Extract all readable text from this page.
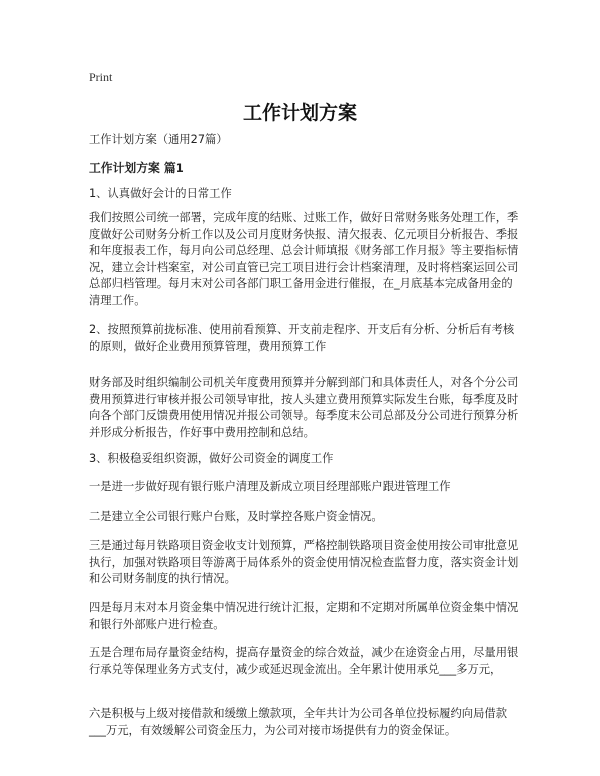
Print
工作计划方案

工作计划方案（通用27篇）

工作计划方案 篇1

1、认真做好会计的日常工作

我们按照公司统一部署，完成年度的结账、过账工作，做好日常财务账务处理工作，季度做好公司财务分析工作以及公司月度财务快报、清欠报表、亿元项目分析报告、季报和年度报表工作，每月向公司总经理、总会计师填报《财务部工作月报》等主要指标情况，建立会计档案室，对公司直管已完工项目进行会计档案清理，及时将档案运回公司总部归档管理。每月末对公司各部门职工备用金进行催报，在_月底基本完成备用金的清理工作。

2、按照预算前拢标准、使用前看预算、开支前走程序、开支后有分析、分析后有考核的原则，做好企业费用预算管理，费用预算工作

财务部及时组织编制公司机关年度费用预算并分解到部门和具体责任人，对各个分公司费用预算进行审核并报公司领导审批，按人头建立费用预算实际发生台账，每季度及时向各个部门反馈费用使用情况并报公司领导。每季度末公司总部及分公司进行预算分析并形成分析报告，作好事中费用控制和总结。

3、积极稳妥组织资源，做好公司资金的调度工作

一是进一步做好现有银行账户清理及新成立项目经理部账户跟进管理工作

二是建立全公司银行账户台账，及时掌控各账户资金情况。

三是通过每月铁路项目资金收支计划预算，严格控制铁路项目资金使用按公司审批意见执行，加强对铁路项目等游离于局体系外的资金使用情况检查监督力度，落实资金计划和公司财务制度的执行情况。

四是每月末对本月资金集中情况进行统计汇报，定期和不定期对所属单位资金集中情况和银行外部账户进行检查。

五是合理布局存量资金结构，提高存量资金的综合效益，减少在途资金占用，尽量用银行承兑等保理业务方式支付，减少或延迟现金流出。全年累计使用承兑___多万元，

六是积极与上级对接借款和缓缴上缴款项，全年共计为公司各单位投标履约向局借款___万元，有效缓解公司资金压力，为公司对接市场提供有力的资金保证。
